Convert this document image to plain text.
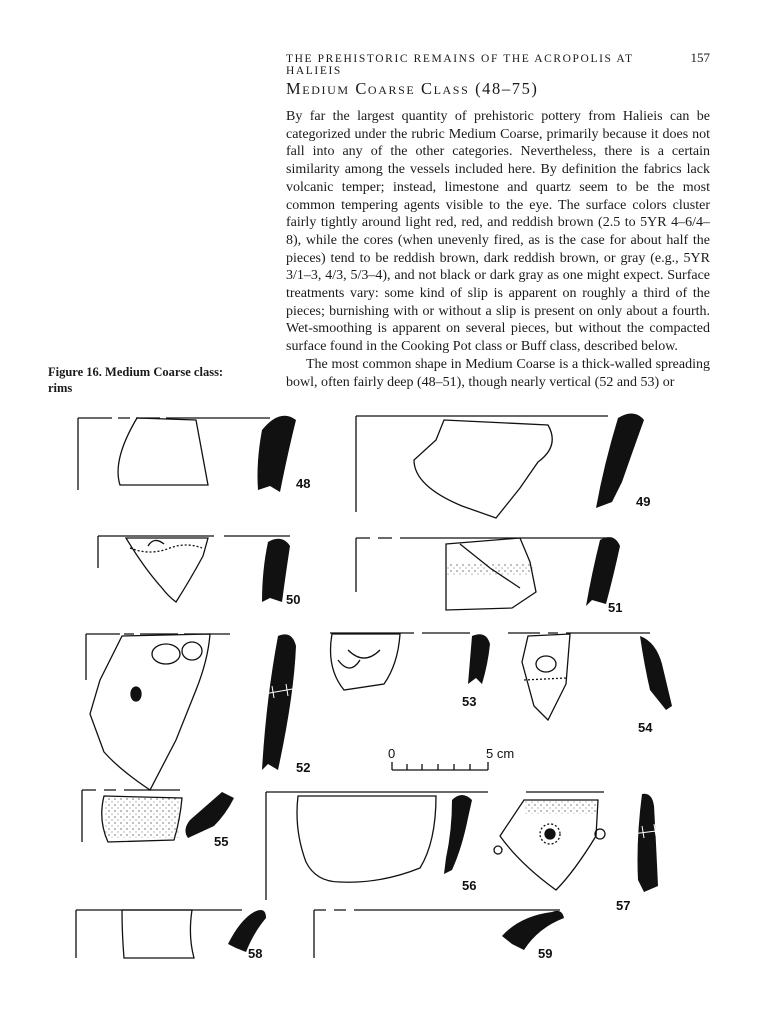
THE PREHISTORIC REMAINS OF THE ACROPOLIS AT HALIEIS
157
Medium Coarse Class (48–75)

By far the largest quantity of prehistoric pottery from Halieis can be categorized under the rubric Medium Coarse, primarily because it does not fall into any of the other categories. Nevertheless, there is a certain similarity among the vessels included here. By definition the fabrics lack volcanic temper; instead, limestone and quartz seem to be the most common tempering agents visible to the eye. The surface colors cluster fairly tightly around light red, red, and reddish brown (2.5 to 5YR 4–6/4–8), while the cores (when unevenly fired, as is the case for about half the pieces) tend to be reddish brown, dark reddish brown, or gray (e.g., 5YR 3/1–3, 4/3, 5/3–4), and not black or dark gray as one might expect. Surface treatments vary: some kind of slip is apparent on roughly a third of the pieces; burnishing with or without a slip is present on only about a fourth. Wet-smoothing is apparent on several pieces, but without the compacted surface found in the Cooking Pot class or Buff class, described below.

The most common shape in Medium Coarse is a thick-walled spreading bowl, often fairly deep (48–51), though nearly vertical (52 and 53) or

Figure 16. Medium Coarse class: rims
48
49
50
51
52
53
54
55
56
57
58	59
0	5 cm
